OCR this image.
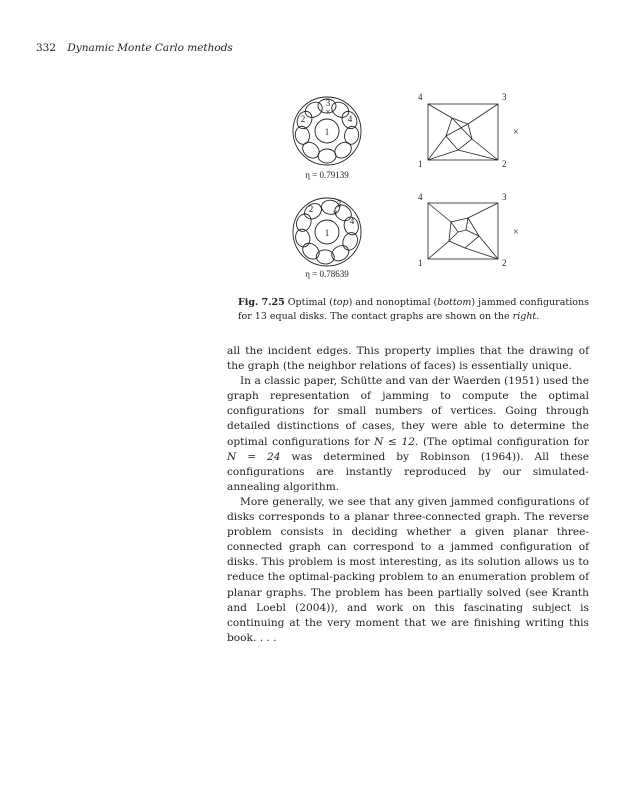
332 Dynamic Monte Carlo methods
1
2
3
4
×
η = 0.79139
4	3
1	2
×
1
2	3
4
×
η = 0.78639
4	3
1	2
×
Fig. 7.25 Optimal (top) and nonoptimal (bottom) jammed configurations for 13 equal disks. The contact graphs are shown on the right.

all the incident edges. This property implies that the drawing of the graph (the neighbor relations of faces) is essentially unique.

In a classic paper, Schütte and van der Waerden (1951) used the graph representation of jamming to compute the optimal configurations for small numbers of vertices. Going through detailed distinctions of cases, they were able to determine the optimal configurations for N ≤ 12. (The optimal configuration for N = 24 was determined by Robinson (1964)). All these configurations are instantly reproduced by our simulated-annealing algorithm.

More generally, we see that any given jammed configurations of disks corresponds to a planar three-connected graph. The reverse problem consists in deciding whether a given planar three-connected graph can correspond to a jammed configuration of disks. This problem is most interesting, as its solution allows us to reduce the optimal-packing problem to an enumeration problem of planar graphs. The problem has been partially solved (see Kranth and Loebl (2004)), and work on this fascinating subject is continuing at the very moment that we are finishing writing this book. . . .
